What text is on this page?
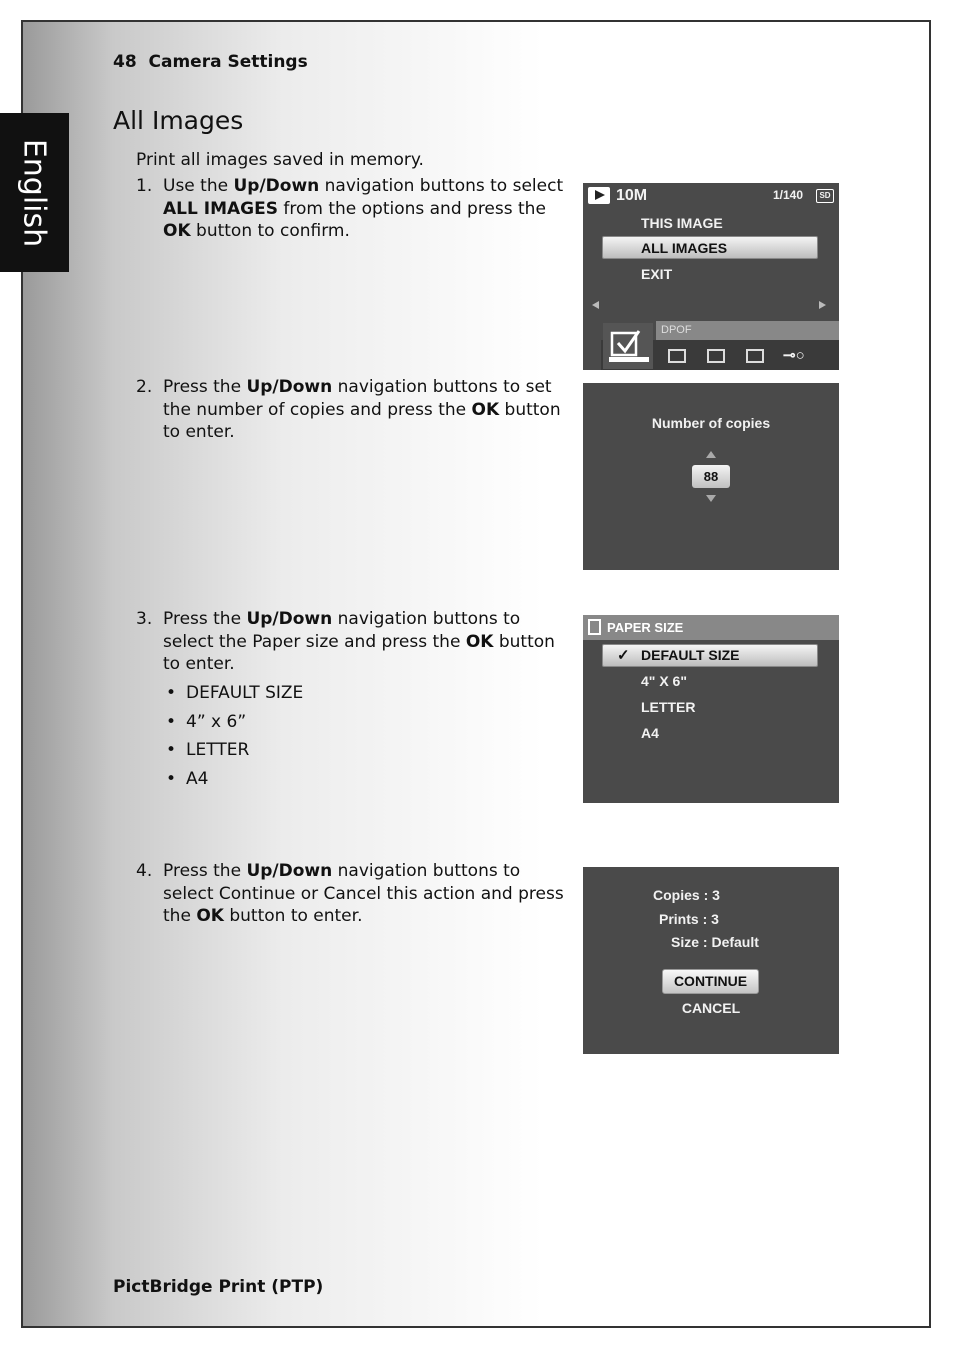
English
48 Camera Settings
All Images
Print all images saved in memory.
1. Use the Up/Down navigation buttons to select ALL IMAGES from the options and press the OK button to confirm.
2. Press the Up/Down navigation buttons to set the number of copies and press the OK button to enter.
3. Press the Up/Down navigation buttons to select the Paper size and press the OK button to enter.
• DEFAULT SIZE
• 4” x 6”
• LETTER
• A4
4. Press the Up/Down navigation buttons to select Continue or Cancel this action and press the OK button to enter.
10M	1/140	SD
THIS IMAGE
ALL IMAGES
EXIT
DPOF
⊸○
Number of copies
88
PAPER SIZE
✓ DEFAULT SIZE
4" X 6"
LETTER
A4
Copies : 3
Prints : 3
Size : Default
CONTINUE
CANCEL
PictBridge Print (PTP)
